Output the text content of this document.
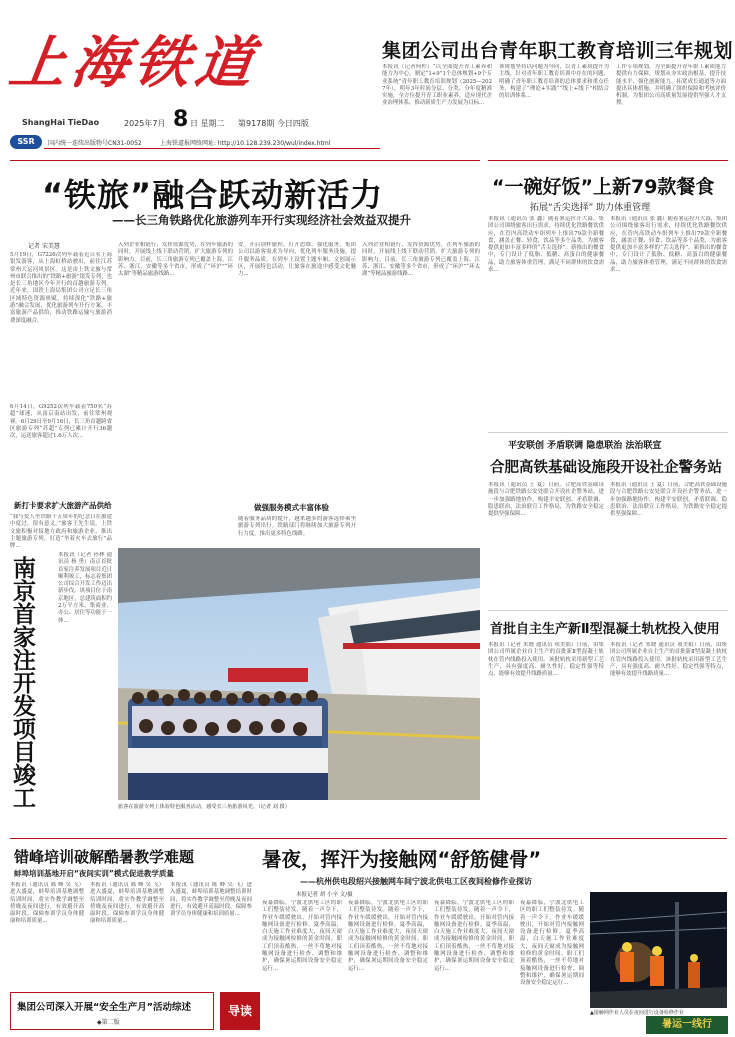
上海铁道
ShangHai TieDao	2025年7月 8 日 星期二 第9178期 今日四版
SSR	国内统一连续出版物号CN31-0052	上海铁道报网络网址: http://10.128.239.230/wul/index.html
集团公司出台青年职工教育培训三年规划
本报讯（记者何杉）“以全面提升青工素养和能力为中心，制定“1+9”1个总体规划+9个专业系统”青年职工教育培训规划（2025—2027年），明年3年时间分层、分类、分年度精准实施，全方位提升青工职业素养，适应现代企业治理体系、推动新质生产力发展为目标...
该规划坚持以问题为导向，以青工素质提升为主线，针对青年职工教育培训中存在的问题，明确了青年职工教育培训的总体要求和重点任务，构建了“理论+实践““线上+线下”相结合的培训体系...
工作专项规划，为全面提升青年职工素质能力提供有力保障。规划从夯实政治根基、提升技能水平、强化创新能力、拓宽成长通道等方面提出具体措施，并明确了组织保障和考核评价机制，为集团公司高质量发展提供坚强人才支撑。
“铁旅”融合跃动新活力
——长三角铁路优化旅游列车开行实现经济社会效益双提升
记者 宋美慧
5月19日，G7226次列车载着近百名上海银发游客，从上海虹桥站驶出，前往江苏常州大运河风景区。这是由上铁文旅与常州市联合推出的“铁路+旅游”银发专列，也是长三角地区今年开行的首趟旅游专列。近年来，国铁上海局集团公司立足长三角区域特色资源禀赋，持续深化“铁路+旅游”融合发展，优化旅游列车开行方案，丰富旅游产品供给，推动铁路运输与旅游消费深度融合。
6月14日，G9252次列车载着750名“苏超”球迷，从南京南站出发，前往常州观赛。6月29日至9月16日，长三角首趟跨省区旅游专列“苏超”专列已累计开行36趟次，运送旅客超过1.6万人次...
新打卡要求扩大旅游产品供给
“我与爱人坐铁路十五周年的纪念日在旅途中度过，很有意义。”旅客王先生说。上铁文旅积极对接地方政府和旅游企业，推出主题旅游专列，打造“坐着火车去旅行”品牌...
入列企业相链行，发挥资源优势，在列车旅游的同时，开展线上线下联动营销，扩大旅游专列的影响力。目前，长三角旅游专列已覆盖上海、江苏、浙江、安徽等多个省市，形成了“环沪”“环太湖”等精品旅游线路...
安。开启别样旅程。打开思维，强化服务。集团公司以游客需求为导向，优化列车服务设施，提升服务品质，在列车上设置主题车厢、文创展示区，开展特色活动，让旅客在旅途中感受文化魅力...
做强服务模式丰富体验
随着服务品质的提升，越来越多的游客选择乘坐旅游专列出行。铁路部门将继续加大旅游专列开行力度，推出更多特色线路。
入列企业相链行，发挥资源优势，在列车旅游的同时，开展线上线下联动营销，扩大旅游专列的影响力。目前，长三角旅游专列已覆盖上海、江苏、浙江、安徽等多个省市，形成了“环沪”“环太湖”等精品旅游线路...
南京首家注开发项目竣工
本报讯（记者 孙林 通讯员 杨 勇）南京首批首家注养发展项目近日顺利竣工，标志着集团公司综合开发工作迈出新步伐。该项目位于南京地区，总建筑面积约2万平方米，集商业、办公、居住等功能于一体...
旅客在旅游专列上体验特色服务活动，感受长三角旅游风光。（记者 刘 摄）
“一碗好饭”上新79款餐食
拓展“舌尖选择” 助力体重管理
本报讯（通讯员 张 鑫）随着暑运拉开大幕，集团公司围绕旅客出行需求，持续优化铁路餐饮供应，在管内高铁动车组列车上推出79款全新餐食，涵盖正餐、轻食、饮品等多个品类，为旅客提供更加丰富多样的“舌尖选择”。新推出的餐食中，专门设计了低脂、低糖、高蛋白的健康餐品，助力旅客体重管理，满足不同群体的饮食需求...
本报讯（通讯员 张 鑫）随着暑运拉开大幕，集团公司围绕旅客出行需求，持续优化铁路餐饮供应，在管内高铁动车组列车上推出79款全新餐食，涵盖正餐、轻食、饮品等多个品类，为旅客提供更加丰富多样的“舌尖选择”。新推出的餐食中，专门设计了低脂、低糖、高蛋白的健康餐品，助力旅客体重管理，满足不同群体的饮食需求...
平安联创 矛盾联调 隐患联治 法治联宣
合肥高铁基础设施段开设社企警务站
本报讯（通讯员 王 夏）日前，合肥高铁基础设施段与合肥铁路公安处联合开设社企警务站，进一步加强路地协作，构建平安联创、矛盾联调、隐患联治、法治联宣工作格局，为铁路安全稳定提供坚强保障...
本报讯（通讯员 王 夏）日前，合肥高铁基础设施段与合肥铁路公安处联合开设社企警务站，进一步加强路地协作，构建平安联创、矛盾联调、隐患联治、法治联宣工作格局，为铁路安全稳定提供坚强保障...
首批自主生产新Ⅱ型混凝土轨枕投入使用
本报讯（记者 朱晓 通讯员 项美娟）日前，由集团公司所属企业自主生产的首批新Ⅱ型混凝土轨枕在管内线路投入使用。该批轨枕采用新型工艺生产，具有强度高、耐久性好、稳定性强等特点，能够有效提升线路质量...
本报讯（记者 朱晓 通讯员 项美娟）日前，由集团公司所属企业自主生产的首批新Ⅱ型混凝土轨枕在管内线路投入使用。该批轨枕采用新型工艺生产，具有强度高、耐久性好、稳定性强等特点，能够有效提升线路质量...
错峰培训破解酷暑教学难题
蚌埠培训基地开启“夜间实训”模式促进教学质量
本报讯（通讯员 陈 峰 吴 飞）进入盛夏，蚌埠培训基地调整培训时间，将实作教学调整至傍晚及夜间进行，有效避开高温时段，保障参训学员身体健康和培训质量...
本报讯（通讯员 陈 峰 吴 飞）进入盛夏，蚌埠培训基地调整培训时间，将实作教学调整至傍晚及夜间进行，有效避开高温时段，保障参训学员身体健康和培训质量...
本报讯（通讯员 陈 峰 吴 飞）进入盛夏，蚌埠培训基地调整培训时间，将实作教学调整至傍晚及夜间进行，有效避开高温时段，保障参训学员身体健康和培训质量...
暑夜，挥汗为接触网“舒筋健骨”
——杭州供电段绍兴接触网车间宁波北供电工区夜间检修作业探访
本报记者 胡 小辛 文/摄
夜幕降临，宁波北供电工区的职工们整装待发。随着一声令下，作业车缓缓驶出，开始对管内接触网设备进行检修。夏季高温，白天施工作业难度大，夜间天窗成为接触网检修的黄金时间。职工们顶着酷热，一丝不苟地对接触网设备进行检查、调整和维护，确保暑运期间设备安全稳定运行...
夜幕降临，宁波北供电工区的职工们整装待发。随着一声令下，作业车缓缓驶出，开始对管内接触网设备进行检修。夏季高温，白天施工作业难度大，夜间天窗成为接触网检修的黄金时间。职工们顶着酷热，一丝不苟地对接触网设备进行检查、调整和维护，确保暑运期间设备安全稳定运行...
夜幕降临，宁波北供电工区的职工们整装待发。随着一声令下，作业车缓缓驶出，开始对管内接触网设备进行检修。夏季高温，白天施工作业难度大，夜间天窗成为接触网检修的黄金时间。职工们顶着酷热，一丝不苟地对接触网设备进行检查、调整和维护，确保暑运期间设备安全稳定运行...
夜幕降临，宁波北供电工区的职工们整装待发。随着一声令下，作业车缓缓驶出，开始对管内接触网设备进行检修。夏季高温，白天施工作业难度大，夜间天窗成为接触网检修的黄金时间。职工们顶着酷热，一丝不苟地对接触网设备进行检查、调整和维护，确保暑运期间设备安全稳定运行...
▲接触网作业人员在夜间进行设备检修作业
集团公司深入开展“安全生产月”活动综述
◆第二版
导读
暑运一线行
